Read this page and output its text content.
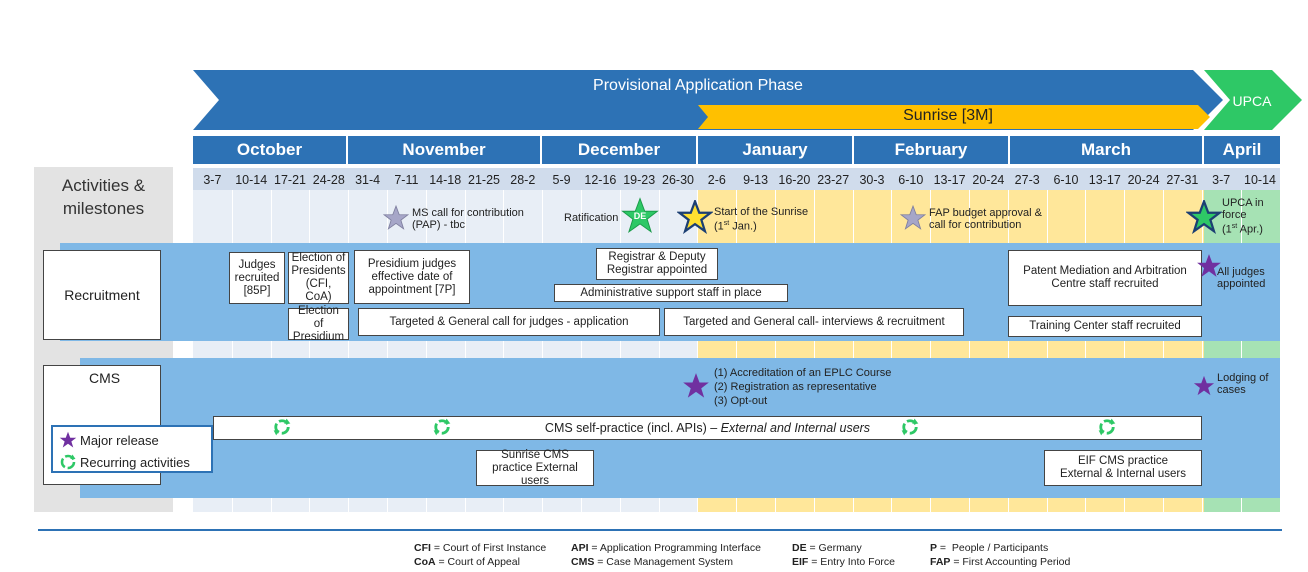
Activities &
milestones
Provisional Application Phase
Sunrise [3M]
UPCA
October	November	December	January	February	March	April
3-7	10-14 17-21 24-28 31-4	7-11 14-18 21-25 28-2	5-9	12-16 19-23 26-30	2-6	9-13 16-20 23-27 30-3	6-10 13-17 20-24 27-3	6-10 13-17 20-24 27-31	3-7	10-14
Recruitment
CMS
MS call for contribution (PAP) - tbc
Ratification	DE	Start of the Sunrise
(1st Jan.)
FAP budget approval & call for contribution
UPCA in
force
(1st Apr.)
Judges recruited [85P]
Election of Presidents (CFI, CoA)
Election of Presidium
Presidium judges effective date of appointment [7P]
Registrar & Deputy Registrar appointed
Administrative support staff in place
Targeted & General call for judges - application	Targeted and General call- interviews & recruitment
Patent Mediation and Arbitration Centre staff recruited
Training Center staff recruited
All judges appointed
(1) Accreditation of an EPLC Course
(2) Registration as representative
(3) Opt-out
Lodging of cases
CMS self-practice (incl. APIs) – External and Internal users
Sunrise CMS practice External users
EIF CMS practice
External & Internal users
Major release
Recurring activities
CFI = Court of First Instance
CoA = Court of Appeal
API = Application Programming Interface
CMS = Case Management System
DE = Germany
EIF = Entry Into Force
P =  People / Participants
FAP = First Accounting Period
